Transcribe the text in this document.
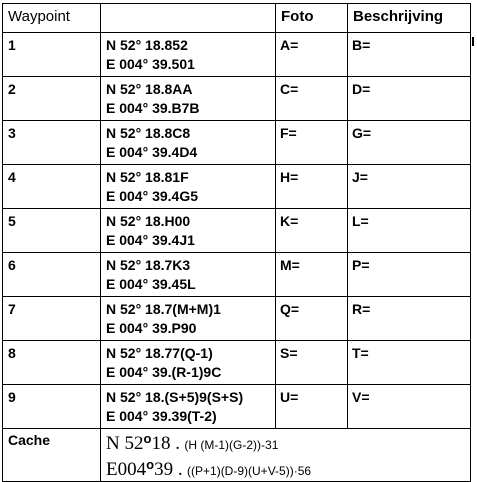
Waypoint		Foto	Beschrijving

1	N 52° 18.852
E 004° 39.501	A=	B=

2	N 52° 18.8AA
E 004° 39.B7B	C=	D=

3	N 52° 18.8C8
E 004° 39.4D4	F=	G=

4	N 52° 18.81F
E 004° 39.4G5	H=	J=

5	N 52° 18.H00
E 004° 39.4J1	K=	L=

6	N 52° 18.7K3
E 004° 39.45L	M=	P=

7	N 52° 18.7(M+M)1
E 004° 39.P90	Q=	R=

8	N 52° 18.77(Q-1)
E 004° 39.(R-1)9C	S=	T=

9	N 52° 18.(S+5)9(S+S)
E 004° 39.39(T-2)	U=	V=

Cache	N 52$^o$18 . (H (M-1)(G-2))-31
E004$^o$39 . ((P+1)(D-9)(U+V-5))·56		
